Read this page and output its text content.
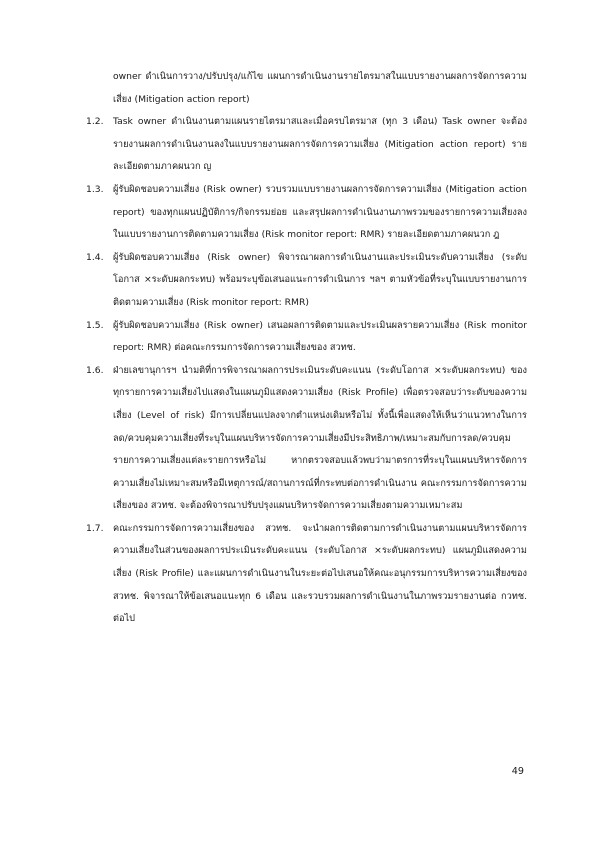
owner ดำเนินการวาง/ปรับปรุง/แก้ไข แผนการดำเนินงานรายไตรมาสในแบบรายงานผลการจัดการความเสี่ยง (Mitigation action report)
1.2. Task owner ดำเนินงานตามแผนรายไตรมาสและเมื่อครบไตรมาส (ทุก 3 เดือน) Task owner จะต้องรายงานผลการดำเนินงานลงในแบบรายงานผลการจัดการความเสี่ยง (Mitigation action report) รายละเอียดตามภาคผนวก ญ
1.3. ผู้รับผิดชอบความเสี่ยง (Risk owner) รวบรวมแบบรายงานผลการจัดการความเสี่ยง (Mitigation action report) ของทุกแผนปฏิบัติการ/กิจกรรมย่อย และสรุปผลการดำเนินงานภาพรวมของรายการความเสี่ยงลงในแบบรายงานการติดตามความเสี่ยง (Risk monitor report: RMR) รายละเอียดตามภาคผนวก ฎ
1.4. ผู้รับผิดชอบความเสี่ยง (Risk owner) พิจารณาผลการดำเนินงานและประเมินระดับความเสี่ยง (ระดับโอกาส ×ระดับผลกระทบ) พร้อมระบุข้อเสนอแนะการดำเนินการ ฯลฯ ตามหัวข้อที่ระบุในแบบรายงานการติดตามความเสี่ยง (Risk monitor report: RMR)
1.5. ผู้รับผิดชอบความเสี่ยง (Risk owner) เสนอผลการติดตามและประเมินผลรายความเสี่ยง (Risk monitor report: RMR) ต่อคณะกรรมการจัดการความเสี่ยงของ สวทช.
1.6. ฝ่ายเลขานุการฯ นำมติที่การพิจารณาผลการประเมินระดับคะแนน (ระดับโอกาส ×ระดับผลกระทบ) ของทุกรายการความเสี่ยงไปแสดงในแผนภูมิแสดงความเสี่ยง (Risk Profile) เพื่อตรวจสอบว่าระดับของความเสี่ยง (Level of risk) มีการเปลี่ยนแปลงจากตำแหน่งเดิมหรือไม่ ทั้งนี้เพื่อแสดงให้เห็นว่าแนวทางในการลด/ควบคุมความเสี่ยงที่ระบุในแผนบริหารจัดการความเสี่ยงมีประสิทธิภาพ/เหมาะสมกับการลด/ควบคุมรายการความเสี่ยงแต่ละรายการหรือไม่ หากตรวจสอบแล้วพบว่ามาตรการที่ระบุในแผนบริหารจัดการความเสี่ยงไม่เหมาะสมหรือมีเหตุการณ์/สถานการณ์ที่กระทบต่อการดำเนินงาน คณะกรรมการจัดการความเสี่ยงของ สวทช. จะต้องพิจารณาปรับปรุงแผนบริหารจัดการความเสี่ยงตามความเหมาะสม
1.7. คณะกรรมการจัดการความเสี่ยงของ สวทช. จะนำผลการติดตามการดำเนินงานตามแผนบริหารจัดการความเสี่ยงในส่วนของผลการประเมินระดับคะแนน (ระดับโอกาส ×ระดับผลกระทบ) แผนภูมิแสดงความเสี่ยง (Risk Profile) และแผนการดำเนินงานในระยะต่อไปเสนอให้คณะอนุกรรมการบริหารความเสี่ยงของ สวทช. พิจารณาให้ข้อเสนอแนะทุก 6 เดือน และรวบรวมผลการดำเนินงานในภาพรวมรายงานต่อ กวทช. ต่อไป
49
